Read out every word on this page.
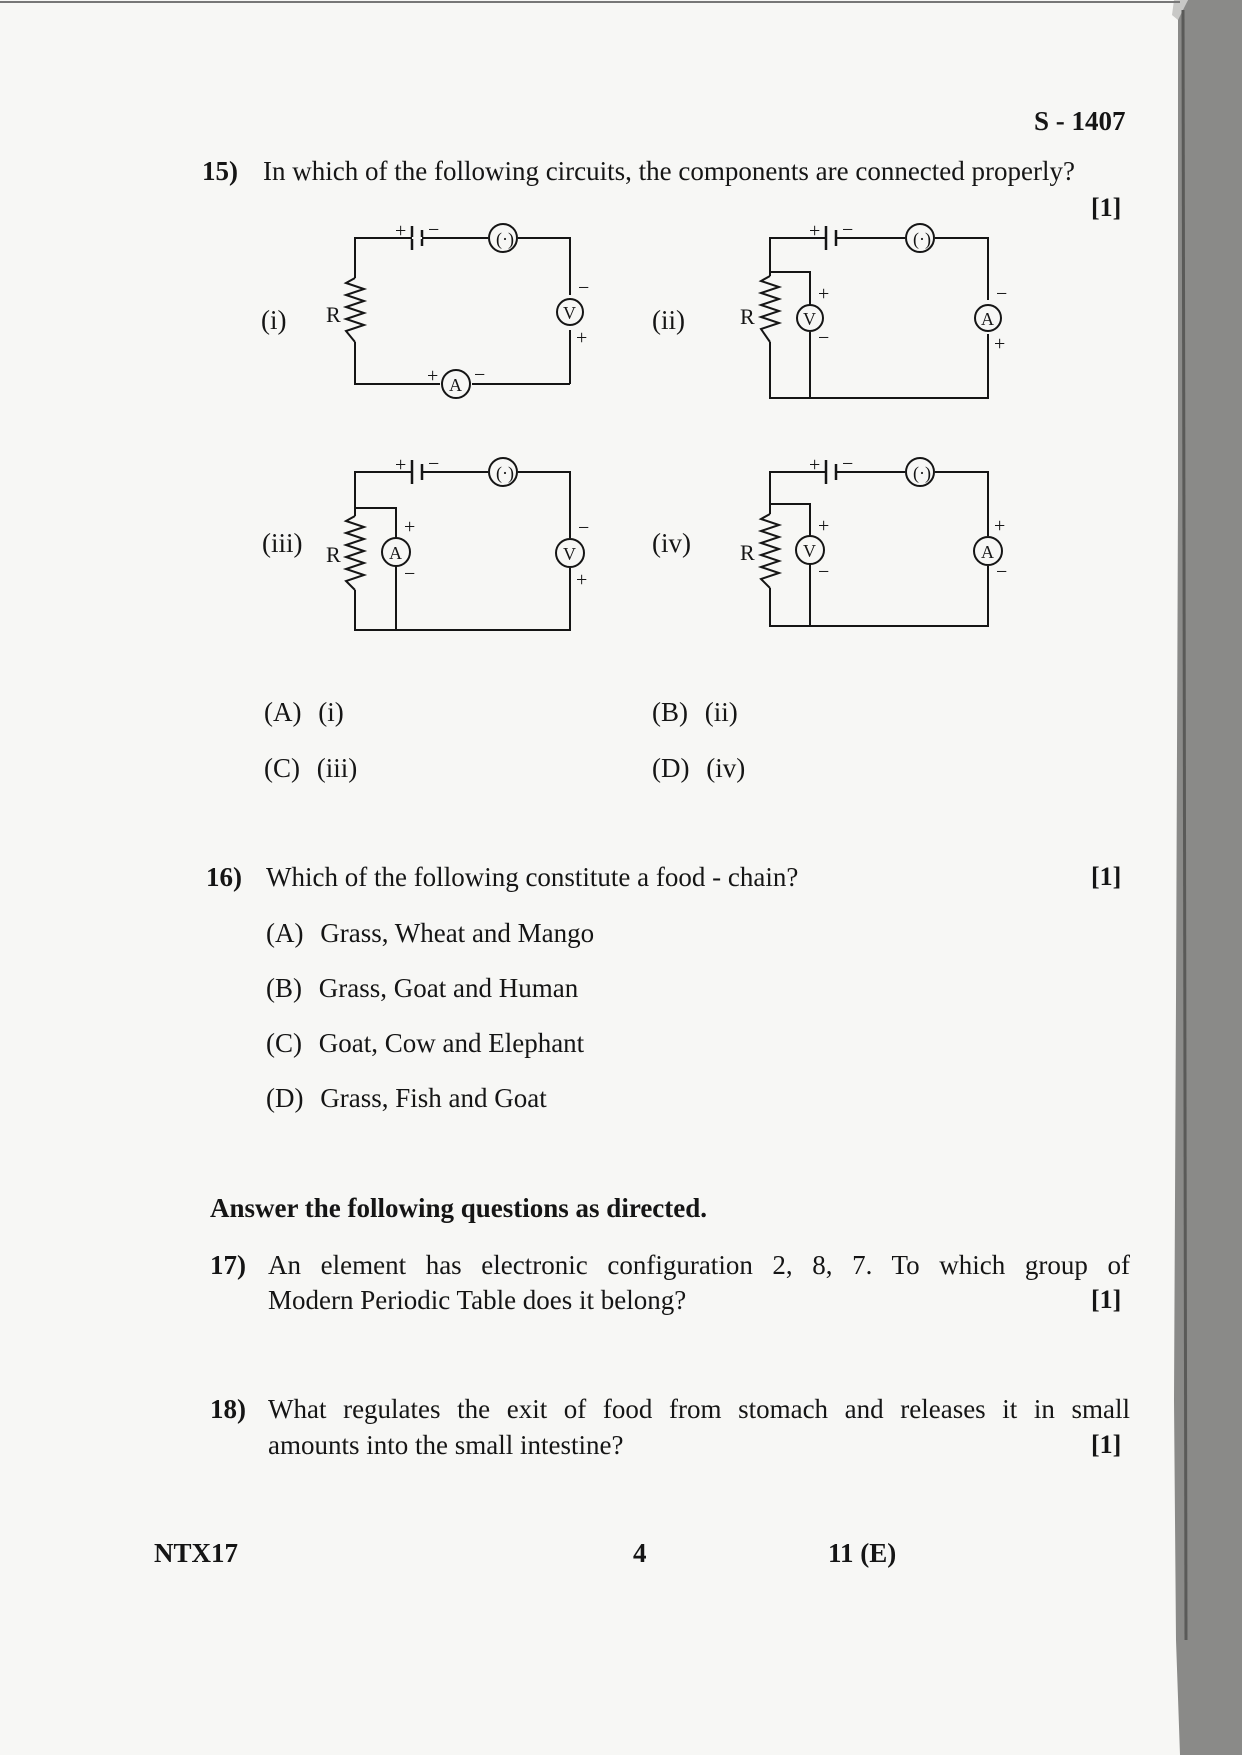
S - 1407
15) In which of the following circuits, the components are connected properly?
[1]
(i)	(ii)
(iii)	(iv)
+ −	(·)
R	V
−
+
A
+ −
+ −	(·)
R	V
+
−
A
−
+
+ −	(·)
R	A
+
−
V
−
+
+ −	(·)
R	V
+
−
A
+
−
(A) (i)	(B) (ii)
(C) (iii)	(D) (iv)
16) Which of the following constitute a food - chain?	[1]
(A) Grass, Wheat and Mango
(B) Grass, Goat and Human
(C) Goat, Cow and Elephant
(D) Grass, Fish and Goat
Answer the following questions as directed.
17) An element has electronic configuration 2, 8, 7. To which group of
Modern Periodic Table does it belong?	[1]
18) What regulates the exit of food from stomach and releases it in small
amounts into the small intestine?	[1]
NTX17	4	11 (E)
